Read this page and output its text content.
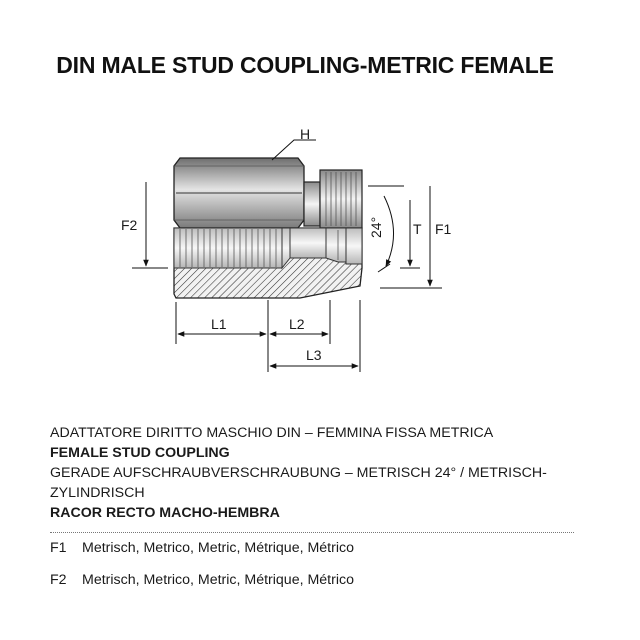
DIN MALE STUD COUPLING-METRIC FEMALE
H
F2	T F1
24°
L1	L2
L3
ADATTATORE DIRITTO MASCHIO DIN – FEMMINA FISSA METRICA
FEMALE STUD COUPLING
GERADE AUFSCHRAUBVERSCHRAUBUNG – METRISCH 24° / METRISCH-ZYLINDRISCH
RACOR RECTO MACHO-HEMBRA
F1 Metrisch, Metrico, Metric, Métrique, Métrico
F2 Metrisch, Metrico, Metric, Métrique, Métrico
